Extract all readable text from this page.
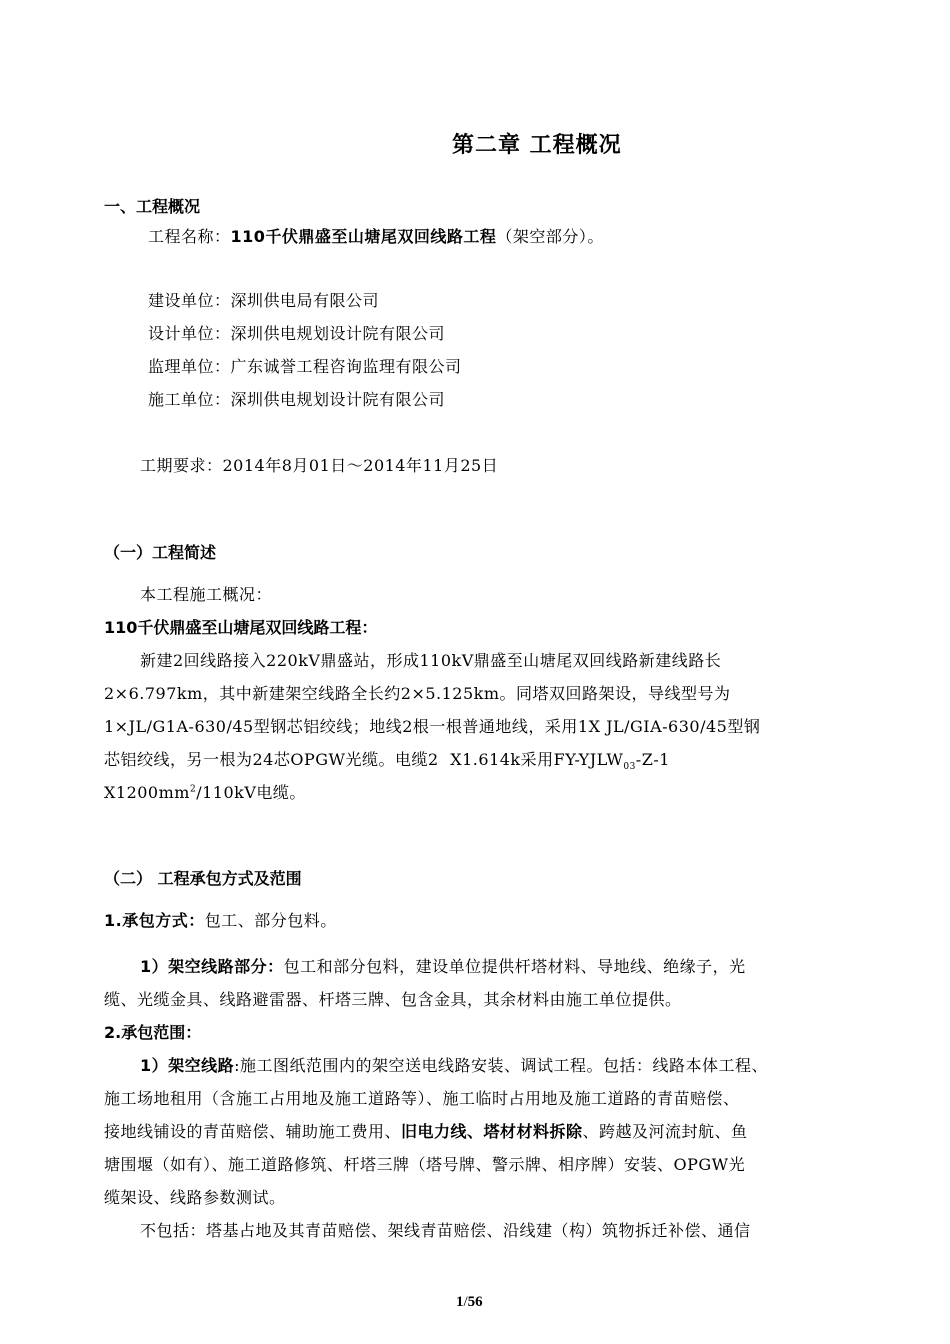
第二章 工程概况
一、工程概况
工程名称：110千伏鼎盛至山塘尾双回线路工程（架空部分）。
建设单位：深圳供电局有限公司
设计单位：深圳供电规划设计院有限公司
监理单位：广东诚誉工程咨询监理有限公司
施工单位：深圳供电规划设计院有限公司
工期要求：2014年8月01日～2014年11月25日
（一）工程简述
本工程施工概况：
110千伏鼎盛至山塘尾双回线路工程：
新建2回线路接入220kV鼎盛站，形成110kV鼎盛至山塘尾双回线路新建线路长
2×6.797km，其中新建架空线路全长约2×5.125km。同塔双回路架设，导线型号为
1×JL/G1A-630/45型钢芯铝绞线；地线2根一根普通地线，采用1X JL/GIA-630/45型钢
芯铝绞线，另一根为24芯OPGW光缆。电缆2 X1.614k采用$FY-YJLW_{03}-Z-1$
$X1200mm^2/110kV$电缆。
（二） 工程承包方式及范围
1.承包方式：包工、部分包料。
1）架空线路部分：包工和部分包料，建设单位提供杆塔材料、导地线、绝缘子，光
缆、光缆金具、线路避雷器、杆塔三牌、包含金具，其余材料由施工单位提供。
2.承包范围：
1）架空线路:施工图纸范围内的架空送电线路安装、调试工程。包括：线路本体工程、
施工场地租用（含施工占用地及施工道路等）、施工临时占用地及施工道路的青苗赔偿、
接地线铺设的青苗赔偿、辅助施工费用、旧电力线、塔材材料拆除、跨越及河流封航、鱼
塘围堰（如有）、施工道路修筑、杆塔三牌（塔号牌、警示牌、相序牌）安装、OPGW光
缆架设、线路参数测试。
不包括：塔基占地及其青苗赔偿、架线青苗赔偿、沿线建（构）筑物拆迁补偿、通信
1/56
